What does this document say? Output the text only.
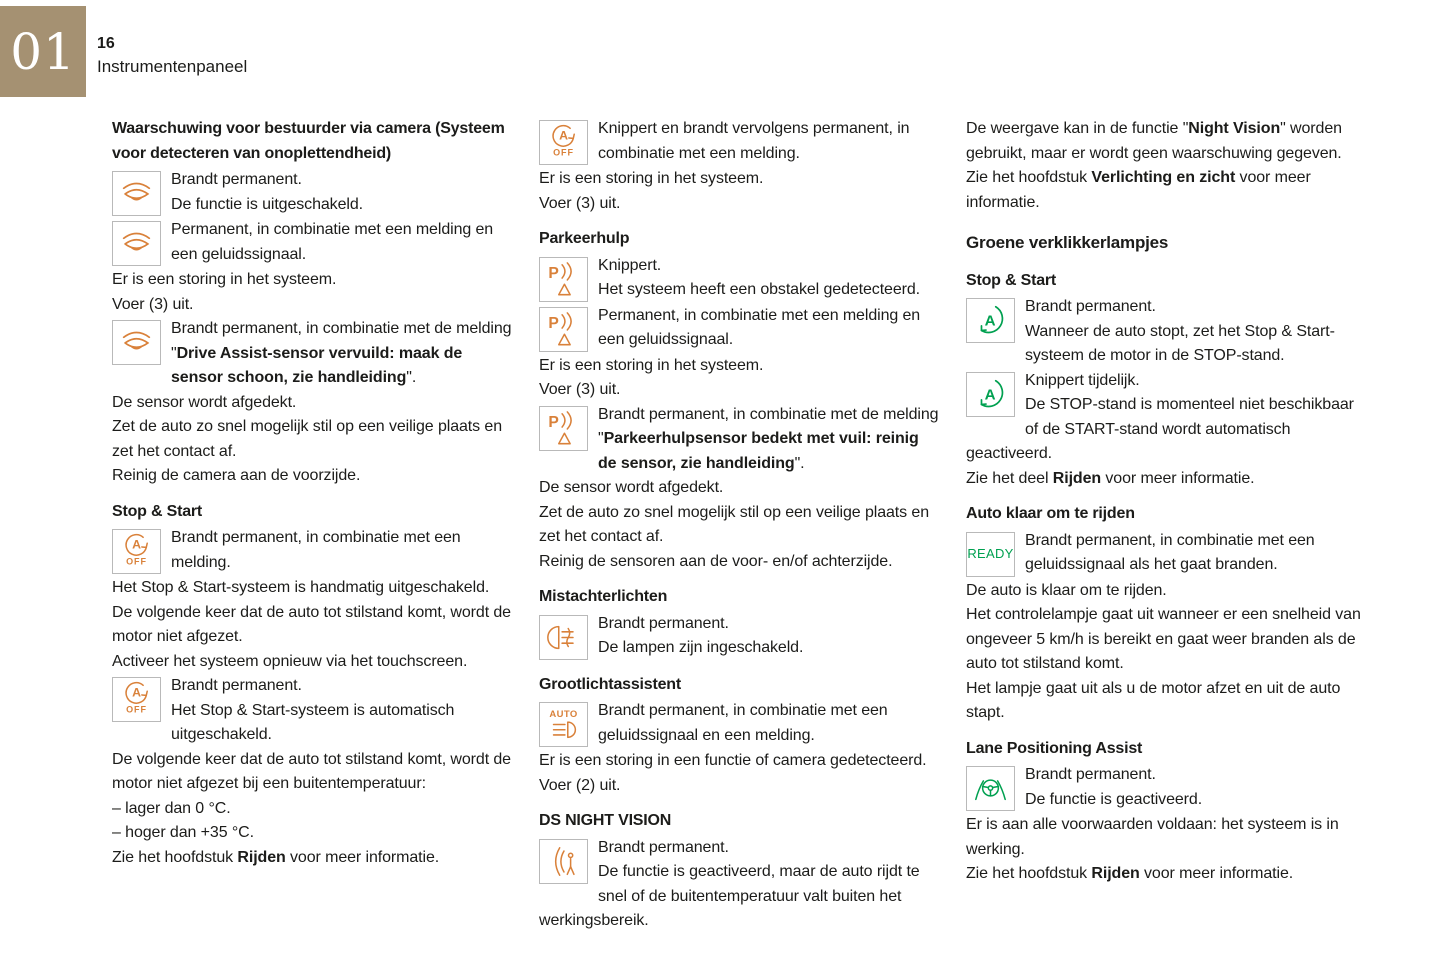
01	16
Instrumentenpaneel
Waarschuwing voor bestuurder via camera (Systeem voor detecteren van onoplettendheid)
Brandt permanent.
De functie is uitgeschakeld.
Permanent, in combinatie met een melding en een geluidssignaal.
Er is een storing in het systeem.
Voer (3) uit.
Brandt permanent, in combinatie met de melding "Drive Assist-sensor vervuild: maak de sensor schoon, zie handleiding".
De sensor wordt afgedekt.
Zet de auto zo snel mogelijk stil op een veilige plaats en zet het contact af.
Reinig de camera aan de voorzijde.
Stop & Start
Brandt permanent, in combinatie met een melding.
Het Stop & Start-systeem is handmatig uitgeschakeld.
De volgende keer dat de auto tot stilstand komt, wordt de motor niet afgezet.
Activeer het systeem opnieuw via het touchscreen.
Brandt permanent.
Het Stop & Start-systeem is automatisch uitgeschakeld.
De volgende keer dat de auto tot stilstand komt, wordt de motor niet afgezet bij een buitentemperatuur:
– lager dan 0 °C.
– hoger dan +35 °C.
Zie het hoofdstuk Rijden voor meer informatie.
Knippert en brandt vervolgens permanent, in combinatie met een melding.
Er is een storing in het systeem.
Voer (3) uit.
Parkeerhulp
Knippert.
Het systeem heeft een obstakel gedetecteerd.
Permanent, in combinatie met een melding en een geluidssignaal.
Er is een storing in het systeem.
Voer (3) uit.
Brandt permanent, in combinatie met de melding "Parkeerhulpsensor bedekt met vuil: reinig de sensor, zie handleiding".
De sensor wordt afgedekt.
Zet de auto zo snel mogelijk stil op een veilige plaats en zet het contact af.
Reinig de sensoren aan de voor- en/of achterzijde.
Mistachterlichten
Brandt permanent.
De lampen zijn ingeschakeld.
Grootlichtassistent
Brandt permanent, in combinatie met een geluidssignaal en een melding.
Er is een storing in een functie of camera gedetecteerd.
Voer (2) uit.
DS NIGHT VISION
Brandt permanent.
De functie is geactiveerd, maar de auto rijdt te snel of de buitentemperatuur valt buiten het werkingsbereik.
De weergave kan in de functie "Night Vision" worden gebruikt, maar er wordt geen waarschuwing gegeven.
Zie het hoofdstuk Verlichting en zicht voor meer informatie.
Groene verklikkerlampjes
Stop & Start
Brandt permanent.
Wanneer de auto stopt, zet het Stop & Start-systeem de motor in de STOP-stand.
Knippert tijdelijk.
De STOP-stand is momenteel niet beschikbaar of de START-stand wordt automatisch geactiveerd.
Zie het deel Rijden voor meer informatie.
Auto klaar om te rijden
READY
Brandt permanent, in combinatie met een geluidssignaal als het gaat branden.
De auto is klaar om te rijden.
Het controlelampje gaat uit wanneer er een snelheid van ongeveer 5 km/h is bereikt en gaat weer branden als de auto tot stilstand komt.
Het lampje gaat uit als u de motor afzet en uit de auto stapt.
Lane Positioning Assist
Brandt permanent.
De functie is geactiveerd.
Er is aan alle voorwaarden voldaan: het systeem is in werking.
Zie het hoofdstuk Rijden voor meer informatie.
